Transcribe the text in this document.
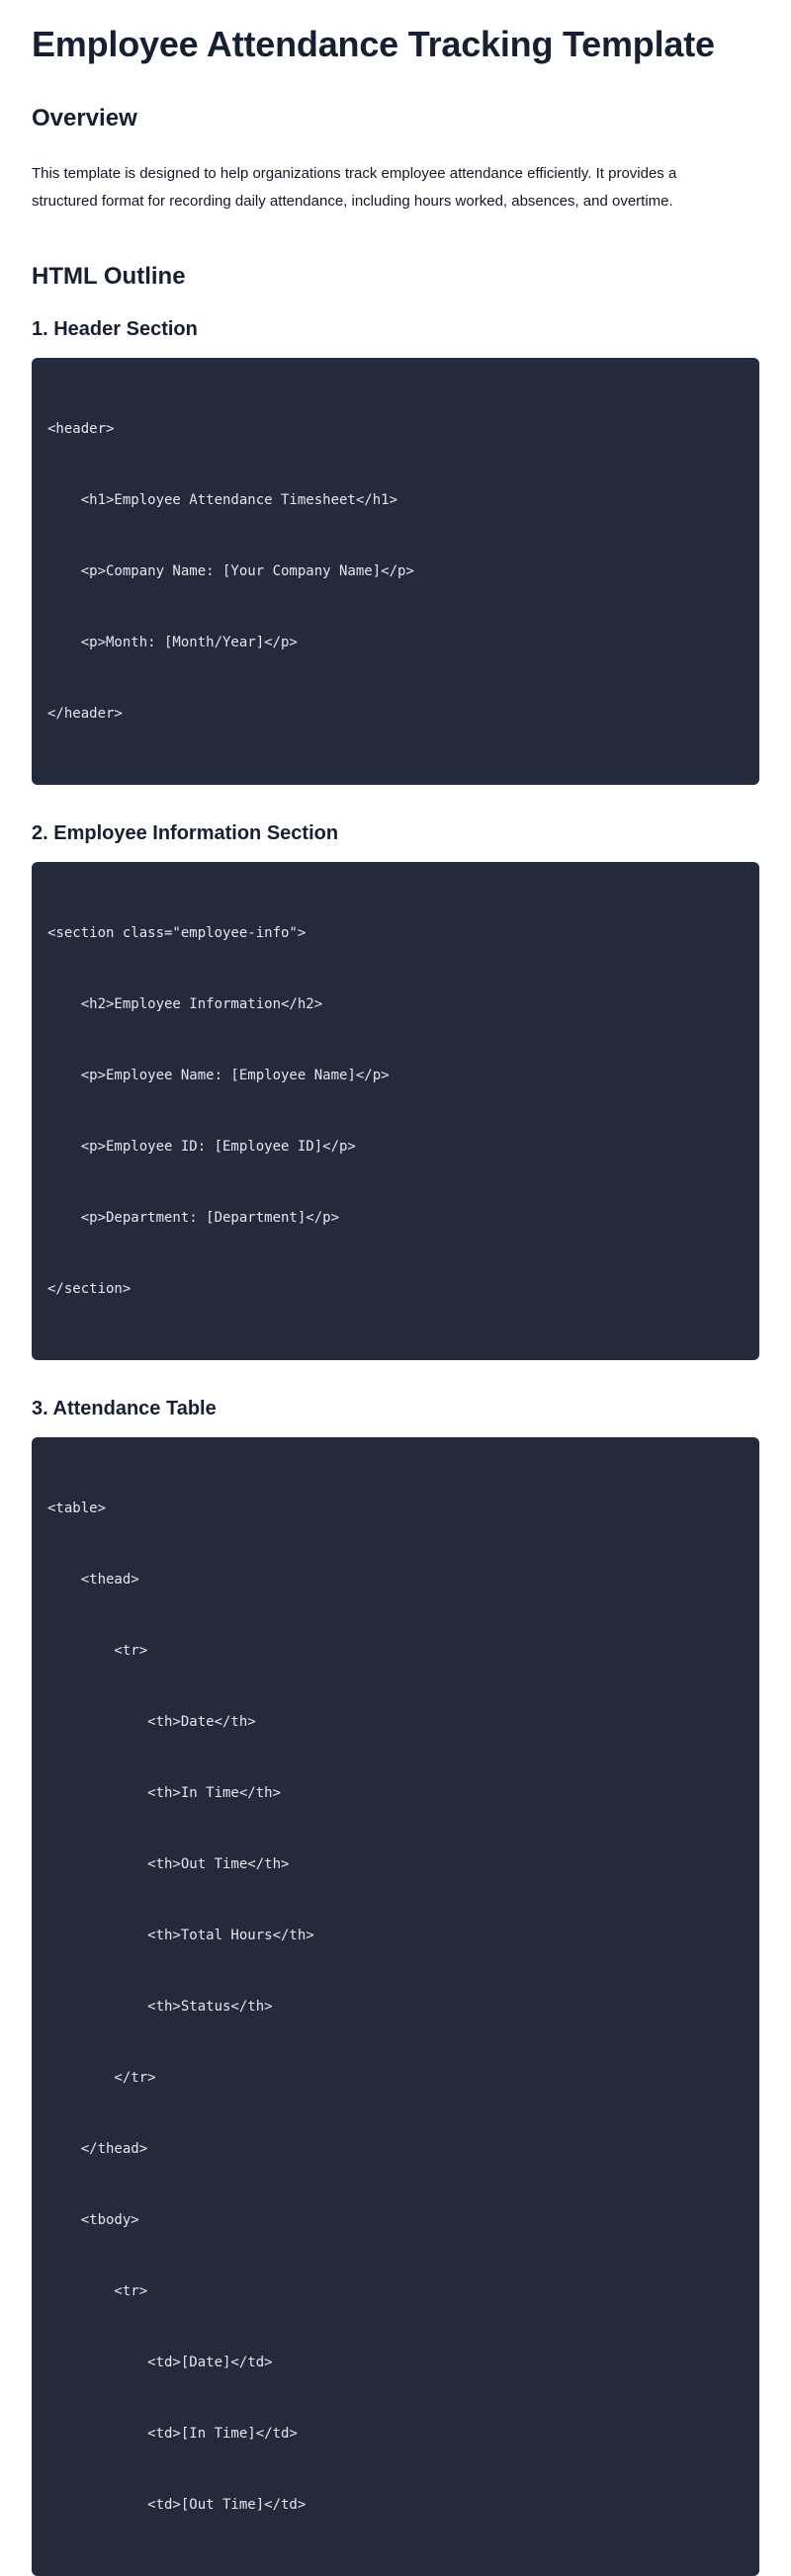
Employee Attendance Tracking Template
Overview

This template is designed to help organizations track employee attendance efficiently. It provides a
structured format for recording daily attendance, including hours worked, absences, and overtime.

HTML Outline
1. Header Section

<header>

<h1>Employee Attendance Timesheet</h1>

<p>Company Name: [Your Company Name]</p>

<p>Month: [Month/Year]</p>

</header>

2. Employee Information Section

<section class="employee-info">

<h2>Employee Information</h2>

<p>Employee Name: [Employee Name]</p>

<p>Employee ID: [Employee ID]</p>

<p>Department: [Department]</p>

</section>

3. Attendance Table

<table>

<thead>

<tr>

<th>Date</th>

<th>In Time</th>

<th>Out Time</th>

<th>Total Hours</th>

<th>Status</th>

</tr>

</thead>

<tbody>

<tr>

<td>[Date]</td>

<td>[In Time]</td>

<td>[Out Time]</td>
